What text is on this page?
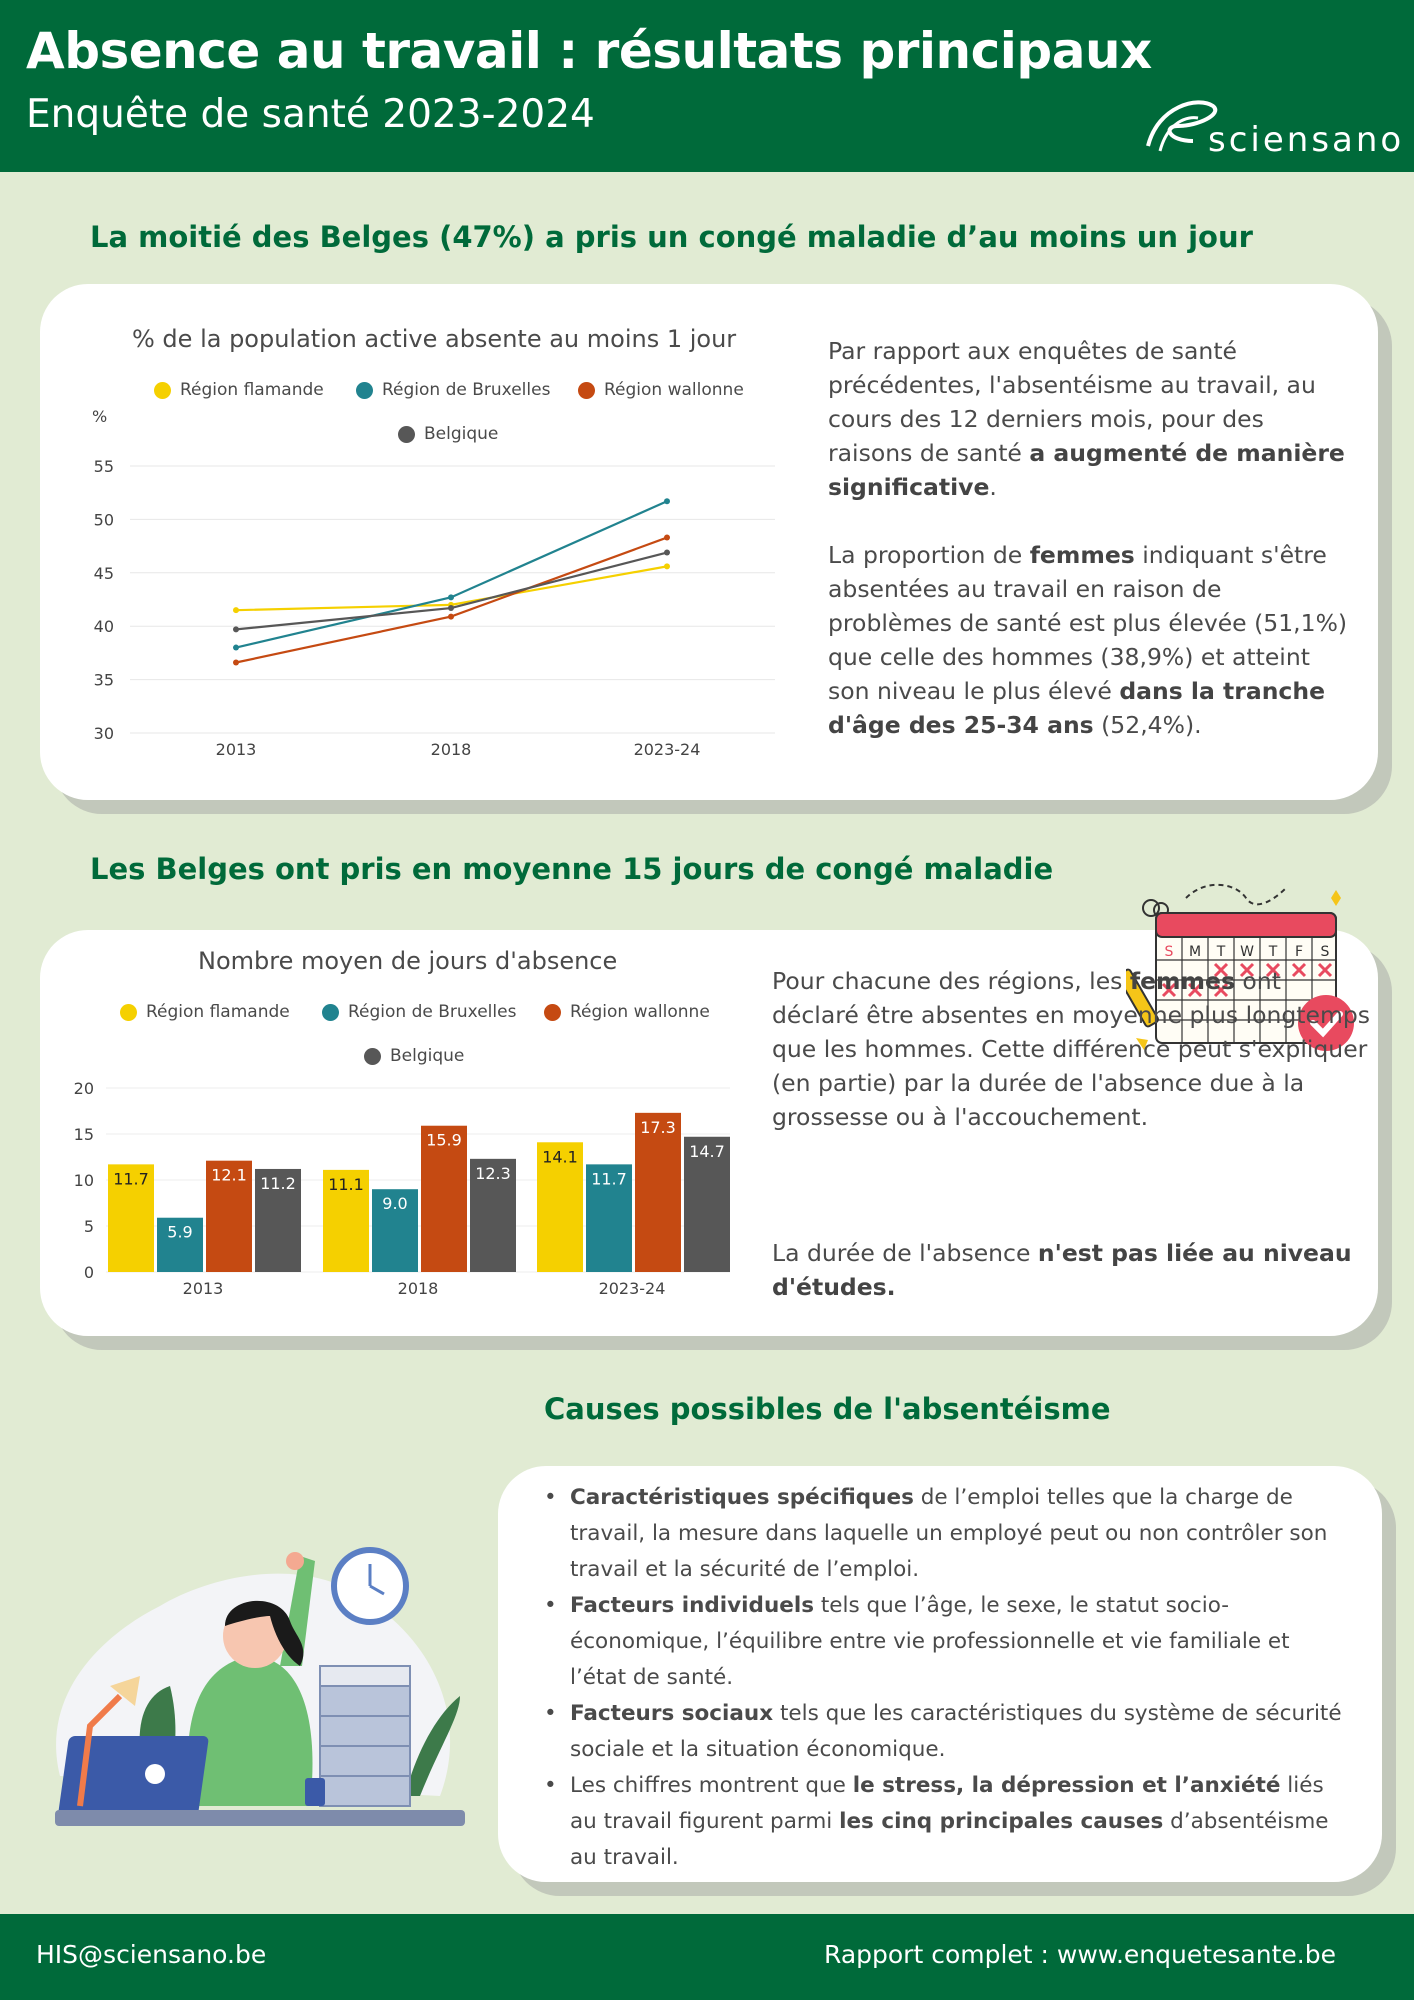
Absence au travail : résultats principaux
Enquête de santé 2023-2024
sciensano
La moitié des Belges (47%) a pris un congé maladie d’au moins un jour
% de la population active absente au moins 1 jour
Région flamande	Région de Bruxelles	Région wallonne
Belgique
%
30
35
40
45
50
55
2013	2018	2023-24

Par rapport aux enquêtes de santé précédentes, l'absentéisme au travail, au cours des 12 derniers mois, pour des raisons de santé a augmenté de manière significative.

La proportion de femmes indiquant s'être absentées au travail en raison de problèmes de santé est plus élevée (51,1%) que celle des hommes (38,9%) et atteint son niveau le plus élevé dans la tranche d'âge des 25-34 ans (52,4%).

Les Belges ont pris en moyenne 15 jours de congé maladie
Nombre moyen de jours d'absence
Région flamande	Région de Bruxelles	Région wallonne
Belgique
0
5
10
15
20
2013
11.7
5.9
12.1 11.2
2018
11.1
9.0
15.9
12.3
2023-24
14.1
11.7
17.3
14.7
S M T W T F S

Pour chacune des régions, les femmes ont déclaré être absentes en moyenne plus longtemps que les hommes. Cette différence peut s'expliquer (en partie) par la durée de l'absence due à la grossesse ou à l'accouchement.

La durée de l'absence n'est pas liée au niveau d'études.

Causes possibles de l'absentéisme
• Caractéristiques spécifiques de l’emploi telles que la charge de travail, la mesure dans laquelle un employé peut ou non contrôler son travail et la sécurité de l’emploi.
• Facteurs individuels tels que l’âge, le sexe, le statut socio-économique, l’équilibre entre vie professionnelle et vie familiale et l’état de santé.
• Facteurs sociaux tels que les caractéristiques du système de sécurité sociale et la situation économique.
• Les chiffres montrent que le stress, la dépression et l’anxiété liés au travail figurent parmi les cinq principales causes d’absentéisme au travail.
HIS@sciensano.be	Rapport complet : www.enquetesante.be
